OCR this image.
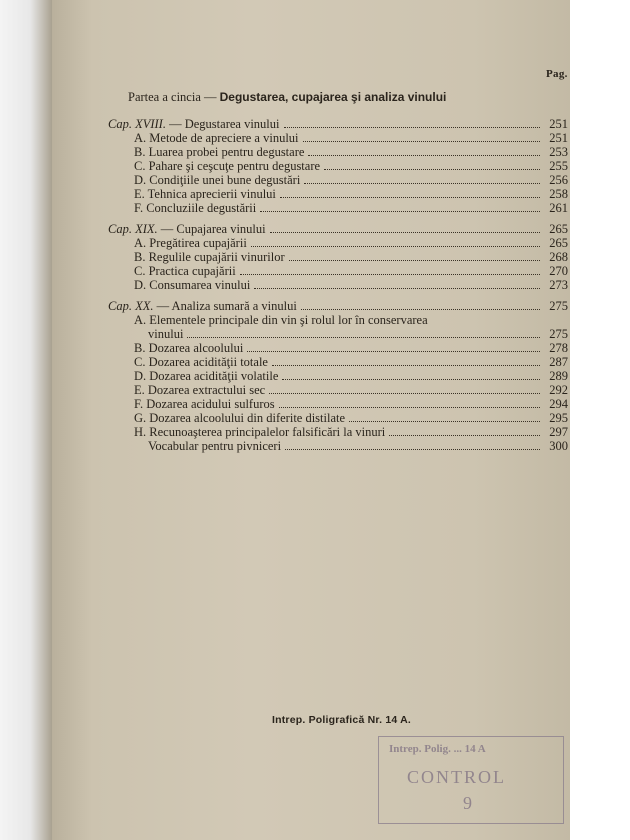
Pag.
Partea a cincia — Degustarea, cupajarea şi analiza vinului
Cap. XVIII. — Degustarea vinului	251
A. Metode de apreciere a vinului	251
B. Luarea probei pentru degustare	253
C. Pahare şi ceşcuţe pentru degustare	255
D. Condiţiile unei bune degustări	256
E. Tehnica aprecierii vinului	258
F. Concluziile degustării	261
Cap. XIX. — Cupajarea vinului	265
A. Pregătirea cupajării	265
B. Regulile cupajării vinurilor	268
C. Practica cupajării	270
D. Consumarea vinului	273
Cap. XX. — Analiza sumară a vinului	275
A. Elementele principale din vin şi rolul lor în conservarea
vinului	275
B. Dozarea alcoolului	278
C. Dozarea acidităţii totale	287
D. Dozarea acidităţii volatile	289
E. Dozarea extractului sec	292
F. Dozarea acidului sulfuros	294
G. Dozarea alcoolului din diferite distilate	295
H. Recunoaşterea principalelor falsificări la vinuri	297
Vocabular pentru pivniceri	300
Intrep. Poligrafică Nr. 14 A.
Intrep. Polig. ... 14 A
CONTROL
9
